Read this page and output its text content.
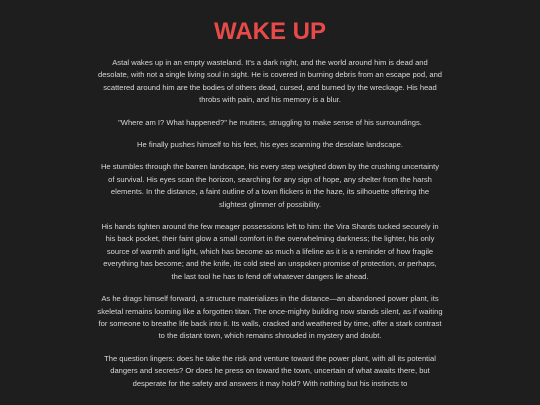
WAKE UP

Astal wakes up in an empty wasteland. It's a dark night, and the world around him is dead and desolate, with not a single living soul in sight. He is covered in burning debris from an escape pod, and scattered around him are the bodies of others dead, cursed, and burned by the wreckage. His head throbs with pain, and his memory is a blur.

"Where am I? What happened?" he mutters, struggling to make sense of his surroundings.

He finally pushes himself to his feet, his eyes scanning the desolate landscape.

He stumbles through the barren landscape, his every step weighed down by the crushing uncertainty of survival. His eyes scan the horizon, searching for any sign of hope, any shelter from the harsh elements. In the distance, a faint outline of a town flickers in the haze, its silhouette offering the slightest glimmer of possibility.

His hands tighten around the few meager possessions left to him: the Vira Shards tucked securely in his back pocket, their faint glow a small comfort in the overwhelming darkness; the lighter, his only source of warmth and light, which has become as much a lifeline as it is a reminder of how fragile everything has become; and the knife, its cold steel an unspoken promise of protection, or perhaps, the last tool he has to fend off whatever dangers lie ahead.

As he drags himself forward, a structure materializes in the distance—an abandoned power plant, its skeletal remains looming like a forgotten titan. The once-mighty building now stands silent, as if waiting for someone to breathe life back into it. Its walls, cracked and weathered by time, offer a stark contrast to the distant town, which remains shrouded in mystery and doubt.

The question lingers: does he take the risk and venture toward the power plant, with all its potential dangers and secrets? Or does he press on toward the town, uncertain of what awaits there, but desperate for the safety and answers it may hold? With nothing but his instincts to
